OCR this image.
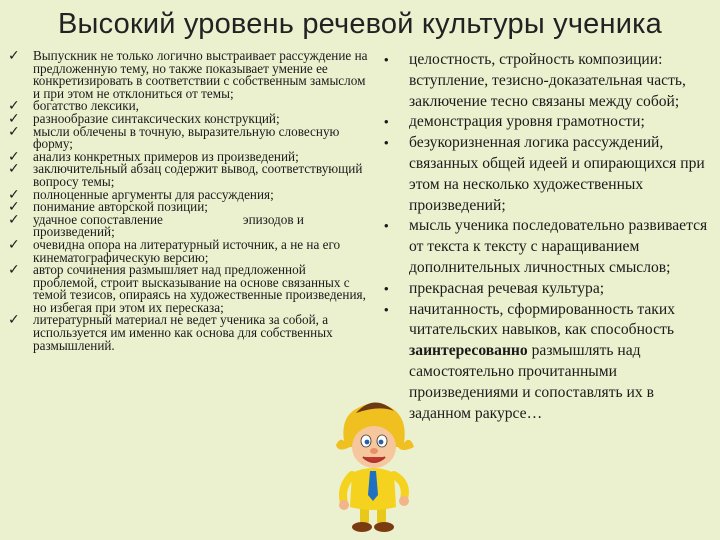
Высокий уровень речевой культуры ученика
✓ Выпускник не только логично выстраивает рассуждение на предложенную тему, но также показывает умение ее конкретизировать в соответствии с собственным замыслом и при этом не отклониться от темы;
✓ богатство лексики,
✓ разнообразие синтаксических конструкций;
✓ мысли облечены в точную, выразительную словесную форму;
✓ анализ конкретных примеров из произведений;
✓ заключительный абзац содержит вывод, соответствующий вопросу темы;
✓ полноценные аргументы для рассуждения;
✓ понимание авторской позиции;
✓ удачное сопоставление	эпизодов и произведений;
✓ очевидна опора на литературный источник, а не на его кинематографическую версию;
✓ автор сочинения размышляет над предложенной проблемой, строит высказывание на основе связанных с темой тезисов, опираясь на художественные произведения, но избегая при этом их пересказа;
✓ литературный материал не ведет ученика за собой, а используется им именно как основа для собственных размышлений.
• целостность, стройность композиции: вступление, тезисно-доказательная часть, заключение тесно связаны между собой;
• демонстрация уровня грамотности;
• безукоризненная логика рассуждений, связанных общей идеей и опирающихся при этом на несколько художественных произведений;
• мысль ученика последовательно развивается от текста к тексту с наращиванием дополнительных личностных смыслов;
• прекрасная речевая культура;
• начитанность, сформированность таких читательских навыков, как способность заинтересованно размышлять над самостоятельно прочитанными произведениями и сопоставлять их в заданном ракурсе…
